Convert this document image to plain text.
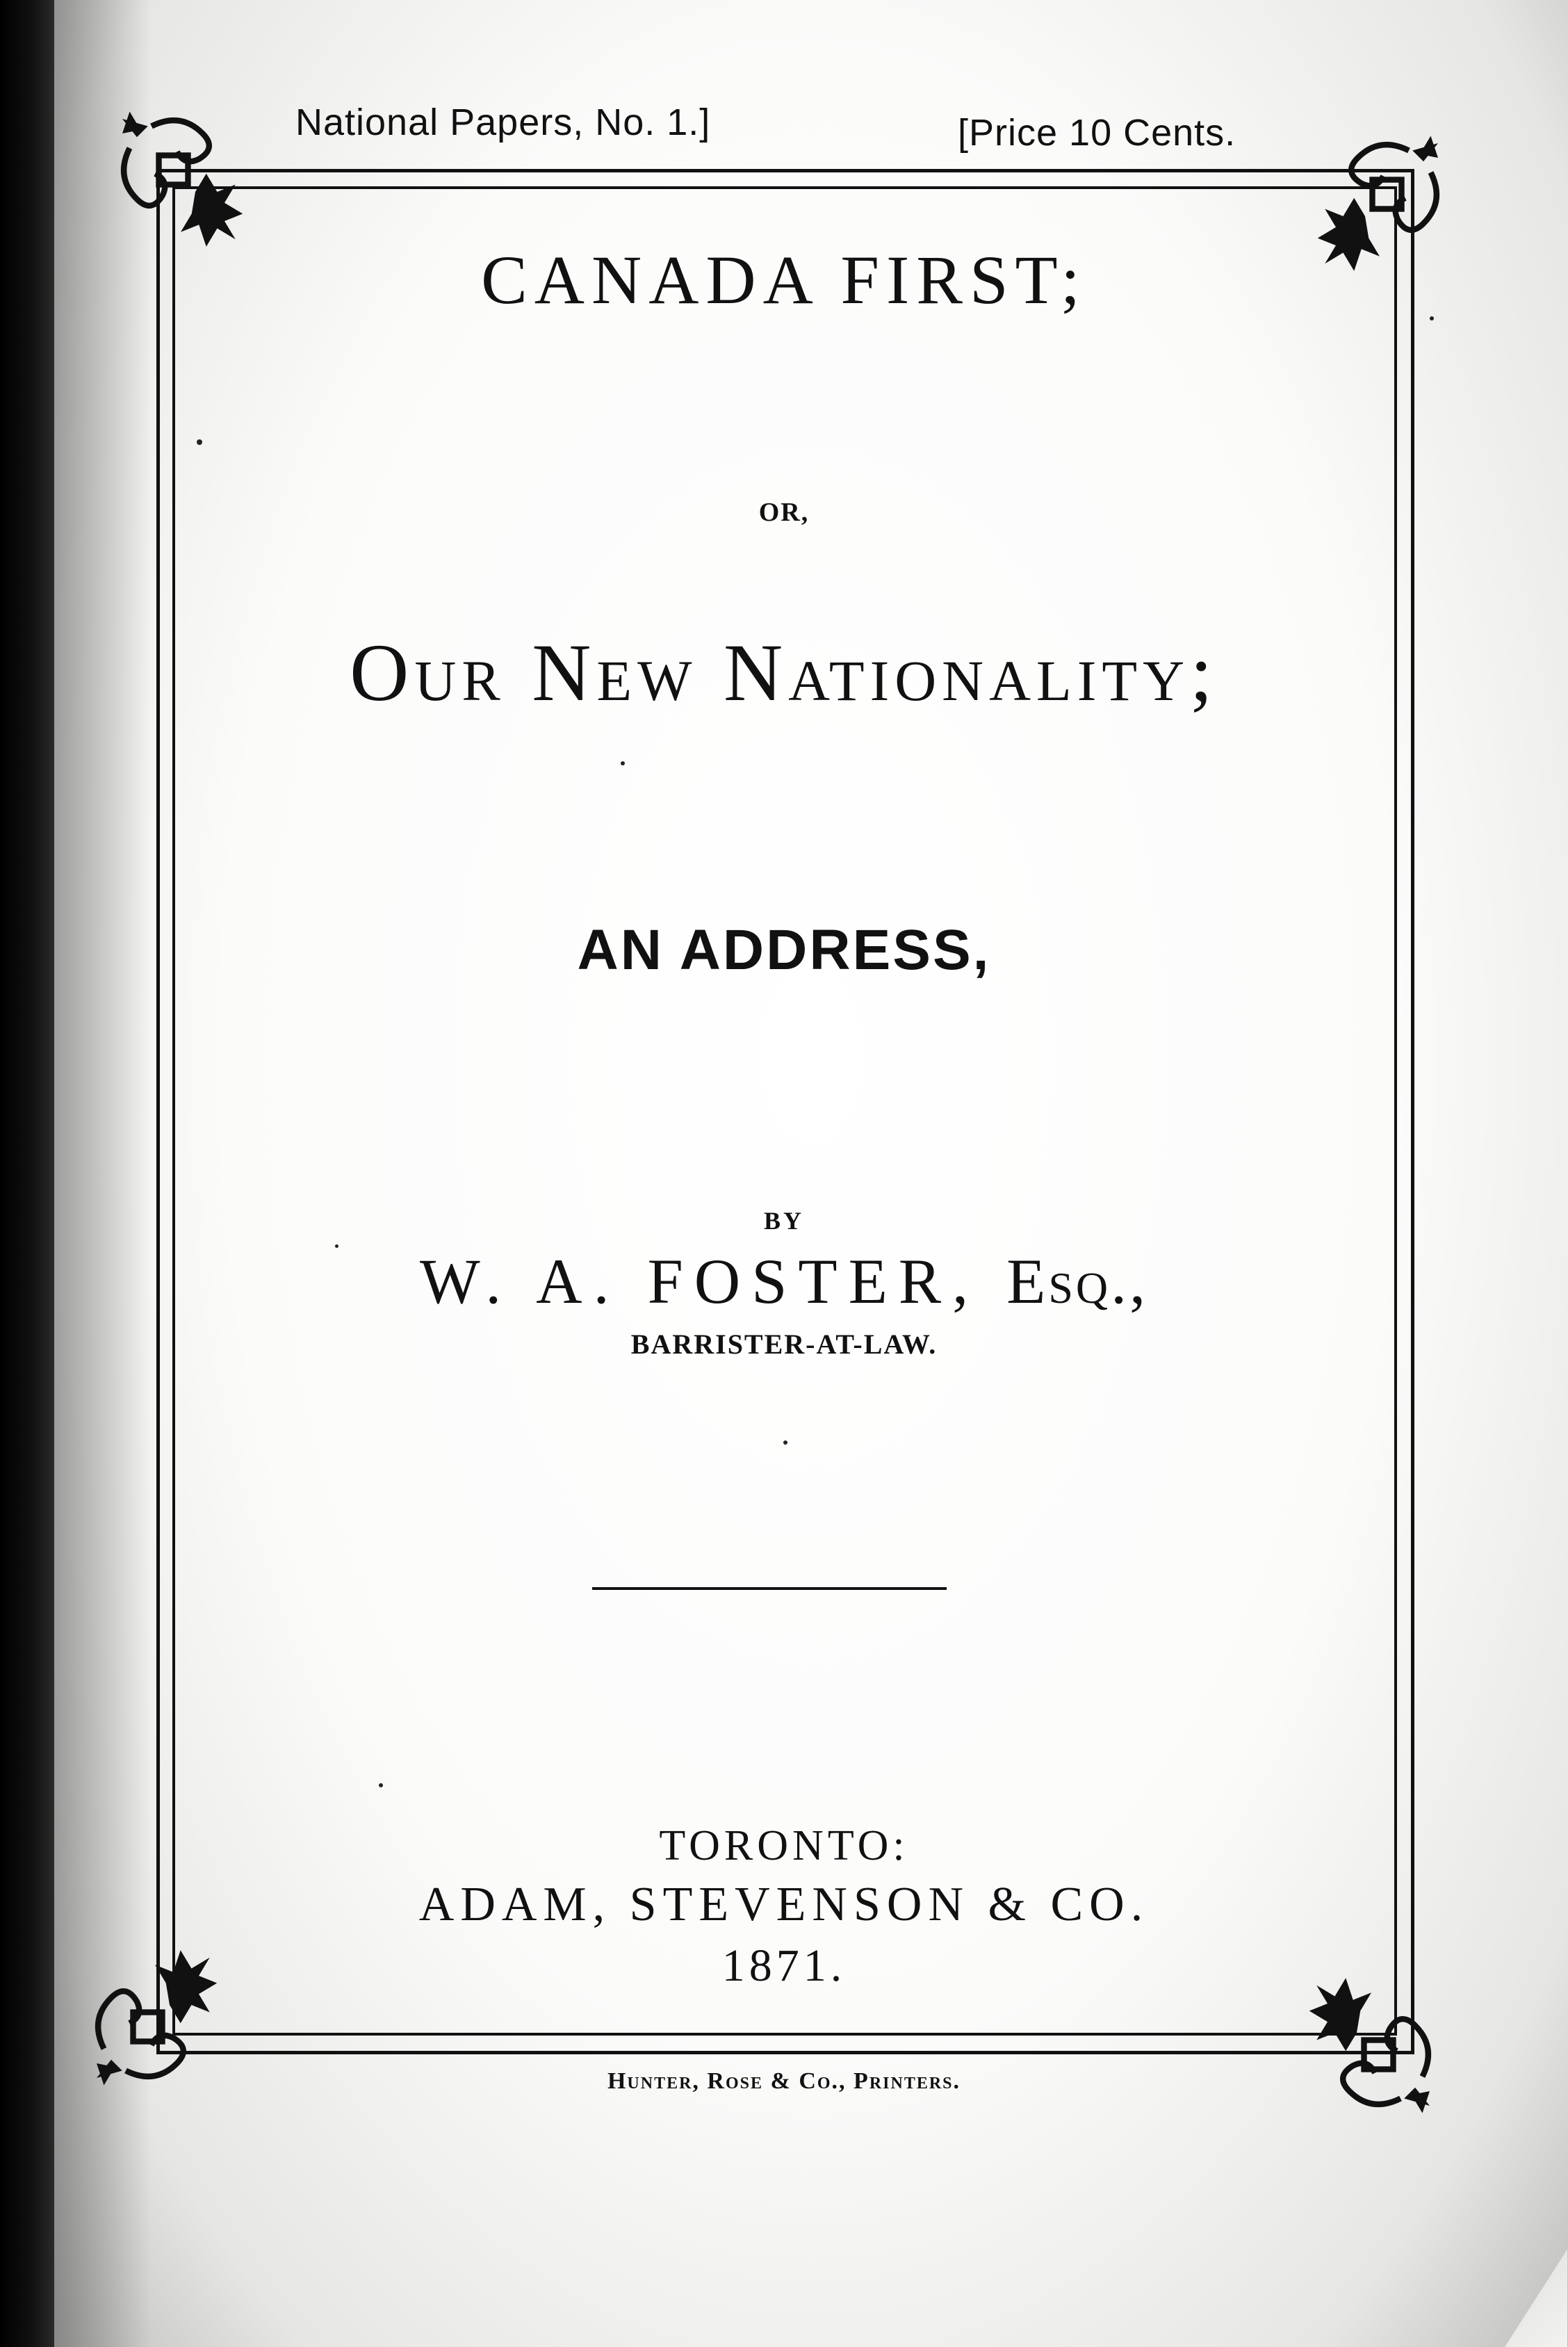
National Papers, No. 1.]	[Price 10 Cents.
CANADA FIRST;
OR,
Our New Nationality;
AN ADDRESS,
BY
W. A. FOSTER, Esq.,
BARRISTER-AT-LAW.
TORONTO:
ADAM, STEVENSON & CO.
1871.
Hunter, Rose & Co., Printers.
